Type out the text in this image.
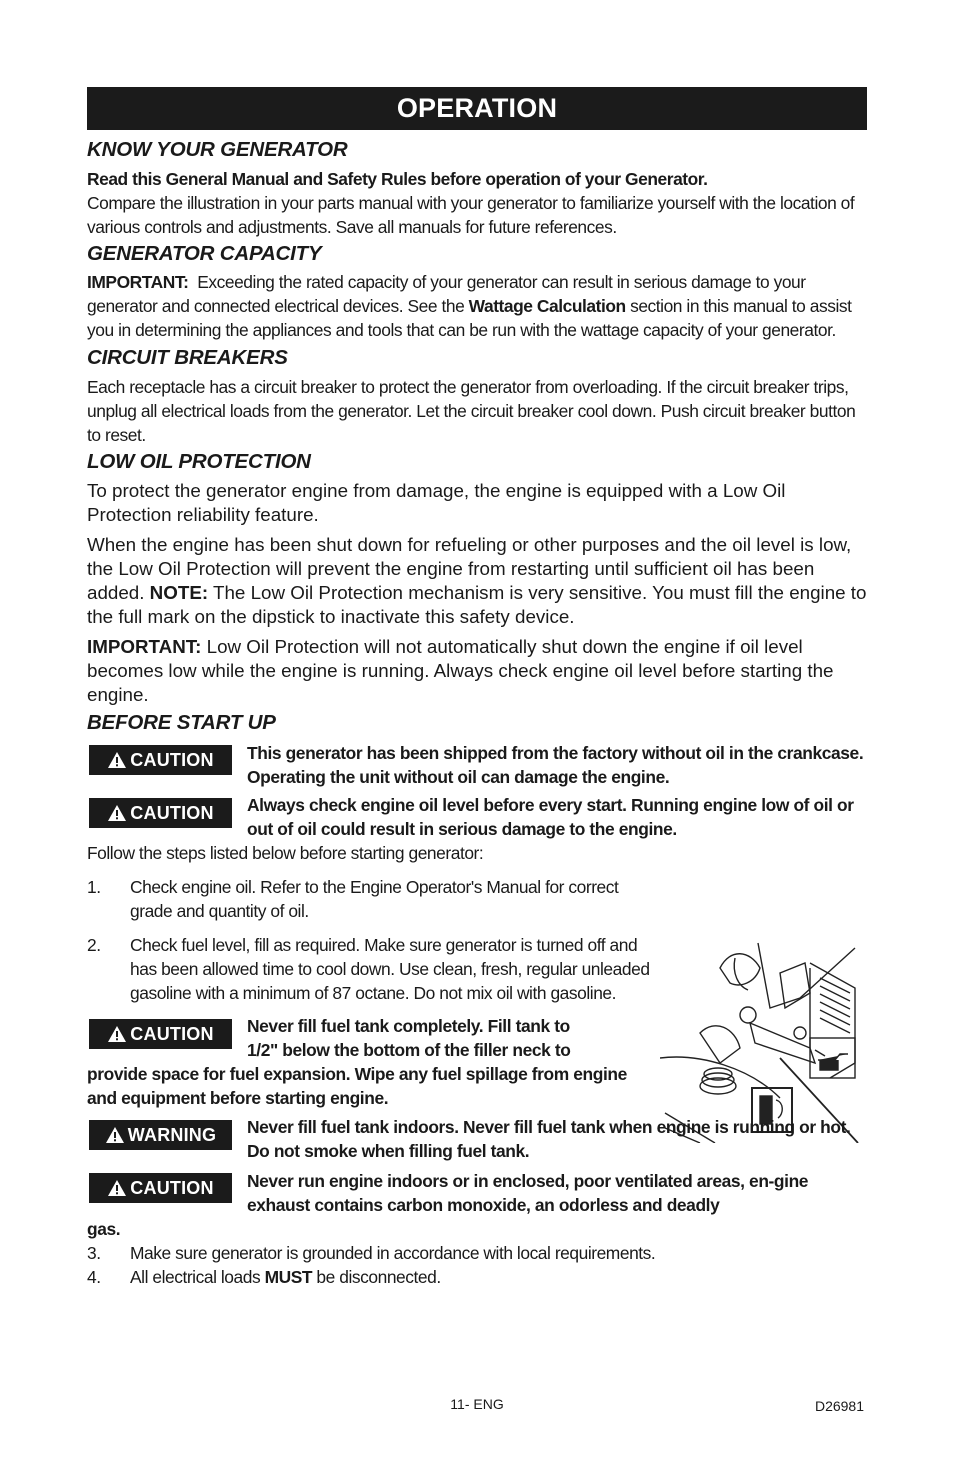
OPERATION
KNOW YOUR GENERATOR

Read this General Manual and Safety Rules before operation of your Generator.
Compare the illustration in your parts manual with your generator to familiarize yourself with the location of various controls and adjustments. Save all manuals for future references.

GENERATOR CAPACITY

IMPORTANT: Exceeding the rated capacity of your generator can result in serious damage to your generator and connected electrical devices. See the Wattage Calculation section in this manual to assist you in determining the appliances and tools that can be run with the wattage capacity of your generator.

CIRCUIT BREAKERS

Each receptacle has a circuit breaker to protect the generator from overloading. If the circuit breaker trips, unplug all electrical loads from the generator. Let the circuit breaker cool down. Push circuit breaker button to reset.

LOW OIL PROTECTION

To protect the generator engine from damage, the engine is equipped with a Low Oil Protection reliability feature.

When the engine has been shut down for refueling or other purposes and the oil level is low, the Low Oil Protection will prevent the engine from restarting until sufficient oil has been added. NOTE: The Low Oil Protection mechanism is very sensitive. You must fill the engine to the full mark on the dipstick to inactivate this safety device.

IMPORTANT: Low Oil Protection will not automatically shut down the engine if oil level becomes low while the engine is running. Always check engine oil level before starting the engine.

BEFORE START UP
CAUTION This generator has been shipped from the factory without oil in the crankcase. Operating the unit without oil can damage the engine.

CAUTION Always check engine oil level before every start. Running engine low of oil or out of oil could result in serious damage to the engine.

Follow the steps listed below before starting generator:

1. Check engine oil. Refer to the Engine Operator's Manual for correct grade and quantity of oil.
2. Check fuel level, fill as required. Make sure generator is turned off and has been allowed time to cool down. Use clean, fresh, regular unleaded gasoline with a minimum of 87 octane. Do not mix oil with gasoline.
CAUTION Never fill fuel tank completely. Fill tank to

1/2" below the bottom of the filler neck to

provide space for fuel expansion. Wipe any fuel spillage from engine and equipment before starting engine.

WARNING Never fill fuel tank indoors. Never fill fuel tank when engine is running or hot. Do not smoke when filling fuel tank.

CAUTION Never run engine indoors or in enclosed, poor ventilated areas, en-gine exhaust contains carbon monoxide, an odorless and deadly

gas.

3. Make sure generator is grounded in accordance with local requirements.
4. All electrical loads MUST be disconnected.
11- ENG	D26981
